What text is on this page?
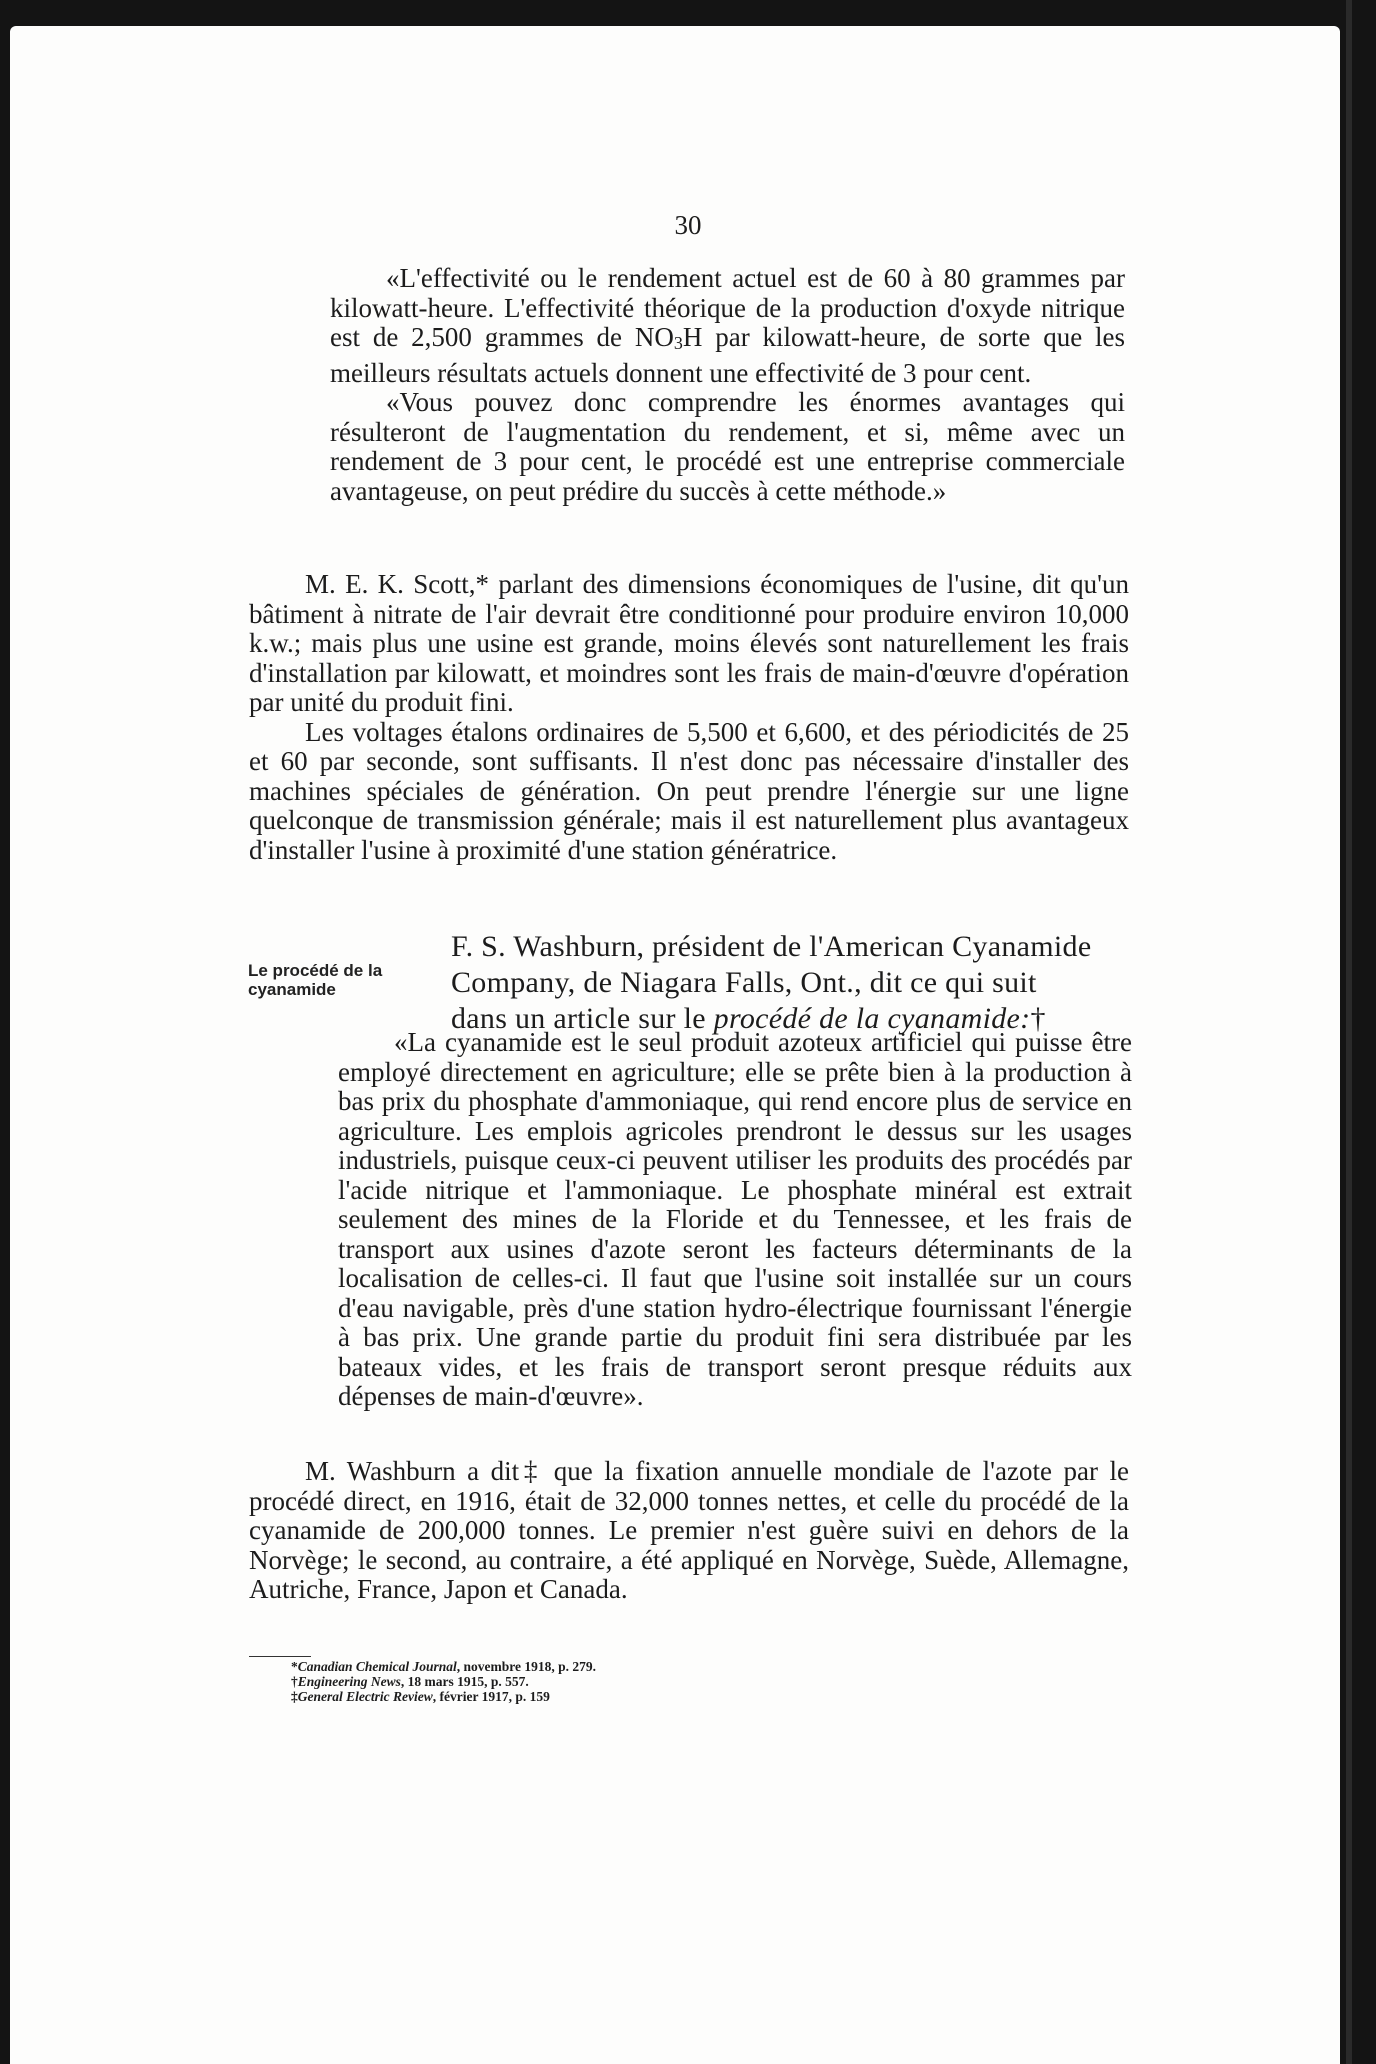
30

«L'effectivité ou le rendement actuel est de 60 à 80 grammes par kilowatt-heure. L'effectivité théorique de la production d'oxyde nitrique est de 2,500 grammes de $NO_3H$ par kilowatt-heure, de sorte que les meilleurs résultats actuels donnent une effectivité de 3 pour cent.

«Vous pouvez donc comprendre les énormes avantages qui résulteront de l'augmentation du rendement, et si, même avec un rendement de 3 pour cent, le procédé est une entreprise commerciale avantageuse, on peut prédire du succès à cette méthode.»

M. E. K. Scott,* parlant des dimensions économiques de l'usine, dit qu'un bâtiment à nitrate de l'air devrait être conditionné pour produire environ 10,000 k.w.; mais plus une usine est grande, moins élevés sont naturellement les frais d'installation par kilowatt, et moindres sont les frais de main-d'œuvre d'opération par unité du produit fini.

Les voltages étalons ordinaires de 5,500 et 6,600, et des périodicités de 25 et 60 par seconde, sont suffisants. Il n'est donc pas nécessaire d'installer des machines spéciales de génération. On peut prendre l'énergie sur une ligne quelconque de transmission générale; mais il est naturellement plus avantageux d'installer l'usine à proximité d'une station génératrice.

Le procédé de la cyanamide

F. S. Washburn, président de l'American Cyanamide

Company, de Niagara Falls, Ont., dit ce qui suit

dans un article sur le procédé de la cyanamide:†

«La cyanamide est le seul produit azoteux artificiel qui puisse être employé directement en agriculture; elle se prête bien à la production à bas prix du phosphate d'ammoniaque, qui rend encore plus de service en agriculture. Les emplois agricoles prendront le dessus sur les usages industriels, puisque ceux-ci peuvent utiliser les produits des procédés par l'acide nitrique et l'ammoniaque. Le phosphate minéral est extrait seulement des mines de la Floride et du Tennessee, et les frais de transport aux usines d'azote seront les facteurs déterminants de la localisation de celles-ci. Il faut que l'usine soit installée sur un cours d'eau navigable, près d'une station hydro-électrique fournissant l'énergie à bas prix. Une grande partie du produit fini sera distribuée par les bateaux vides, et les frais de transport seront presque réduits aux dépenses de main-d'œuvre».

M. Washburn a dit‡ que la fixation annuelle mondiale de l'azote par le procédé direct, en 1916, était de 32,000 tonnes nettes, et celle du procédé de la cyanamide de 200,000 tonnes. Le premier n'est guère suivi en dehors de la Norvège; le second, au contraire, a été appliqué en Norvège, Suède, Allemagne, Autriche, France, Japon et Canada.

*Canadian Chemical Journal, novembre 1918, p. 279.
†Engineering News, 18 mars 1915, p. 557.
‡General Electric Review, février 1917, p. 159
